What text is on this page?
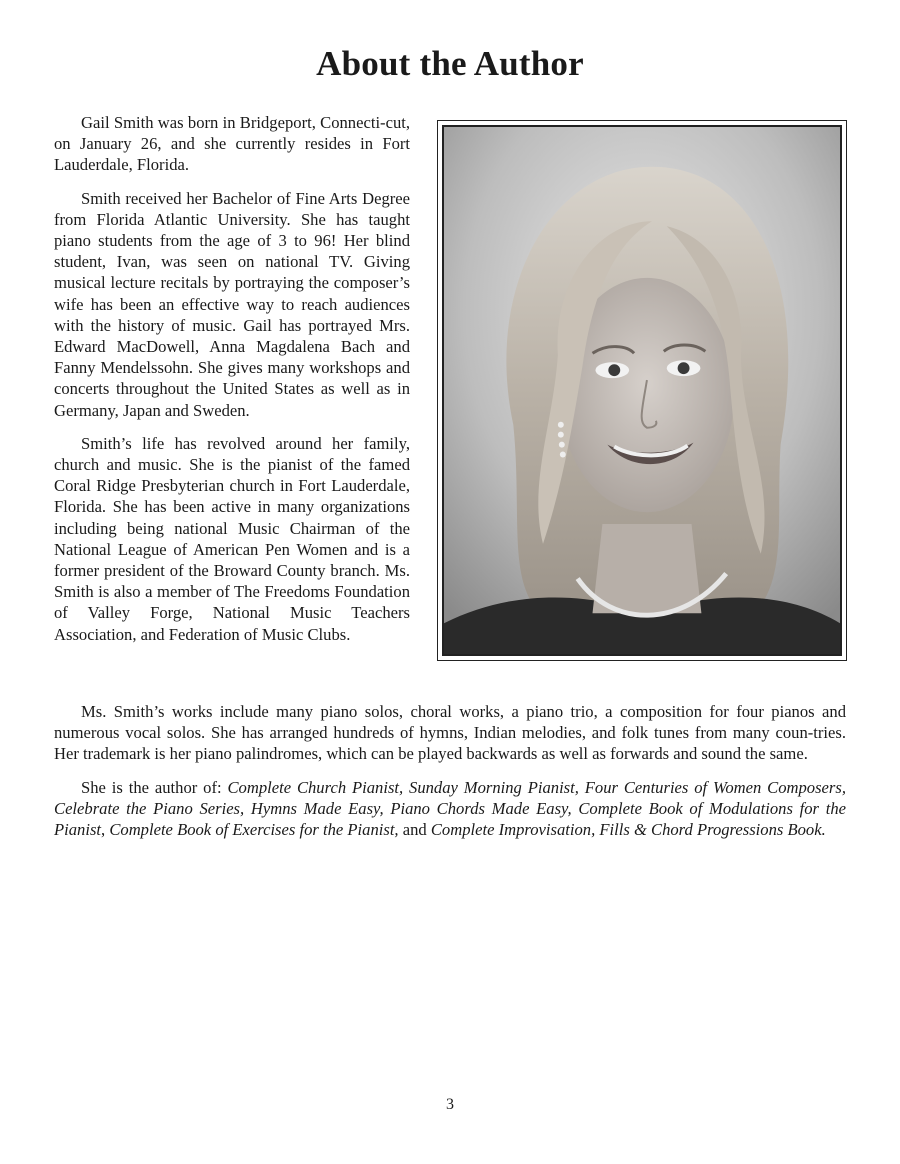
About the Author

Gail Smith was born in Bridgeport, Connecti-cut, on January 26, and she currently resides in Fort Lauderdale, Florida.

Smith received her Bachelor of Fine Arts Degree from Florida Atlantic University. She has taught piano students from the age of 3 to 96! Her blind student, Ivan, was seen on national TV. Giving musical lecture recitals by portraying the composer’s wife has been an effective way to reach audiences with the history of music. Gail has portrayed Mrs. Edward MacDowell, Anna Magdalena Bach and Fanny Mendelssohn. She gives many workshops and concerts throughout the United States as well as in Germany, Japan and Sweden.

Smith’s life has revolved around her family, church and music. She is the pianist of the famed Coral Ridge Presbyterian church in Fort Lauderdale, Florida. She has been active in many organizations including being national Music Chairman of the National League of American Pen Women and is a former president of the Broward County branch. Ms. Smith is also a member of The Freedoms Foundation of Valley Forge, National Music Teachers Association, and Federation of Music Clubs.

Ms. Smith’s works include many piano solos, choral works, a piano trio, a composition for four pianos and numerous vocal solos. She has arranged hundreds of hymns, Indian melodies, and folk tunes from many coun-tries. Her trademark is her piano palindromes, which can be played backwards as well as forwards and sound the same.

She is the author of: Complete Church Pianist, Sunday Morning Pianist, Four Centuries of Women Composers, Celebrate the Piano Series, Hymns Made Easy, Piano Chords Made Easy, Complete Book of Modulations for the Pianist, Complete Book of Exercises for the Pianist, and Complete Improvisation, Fills & Chord Progressions Book.

3
